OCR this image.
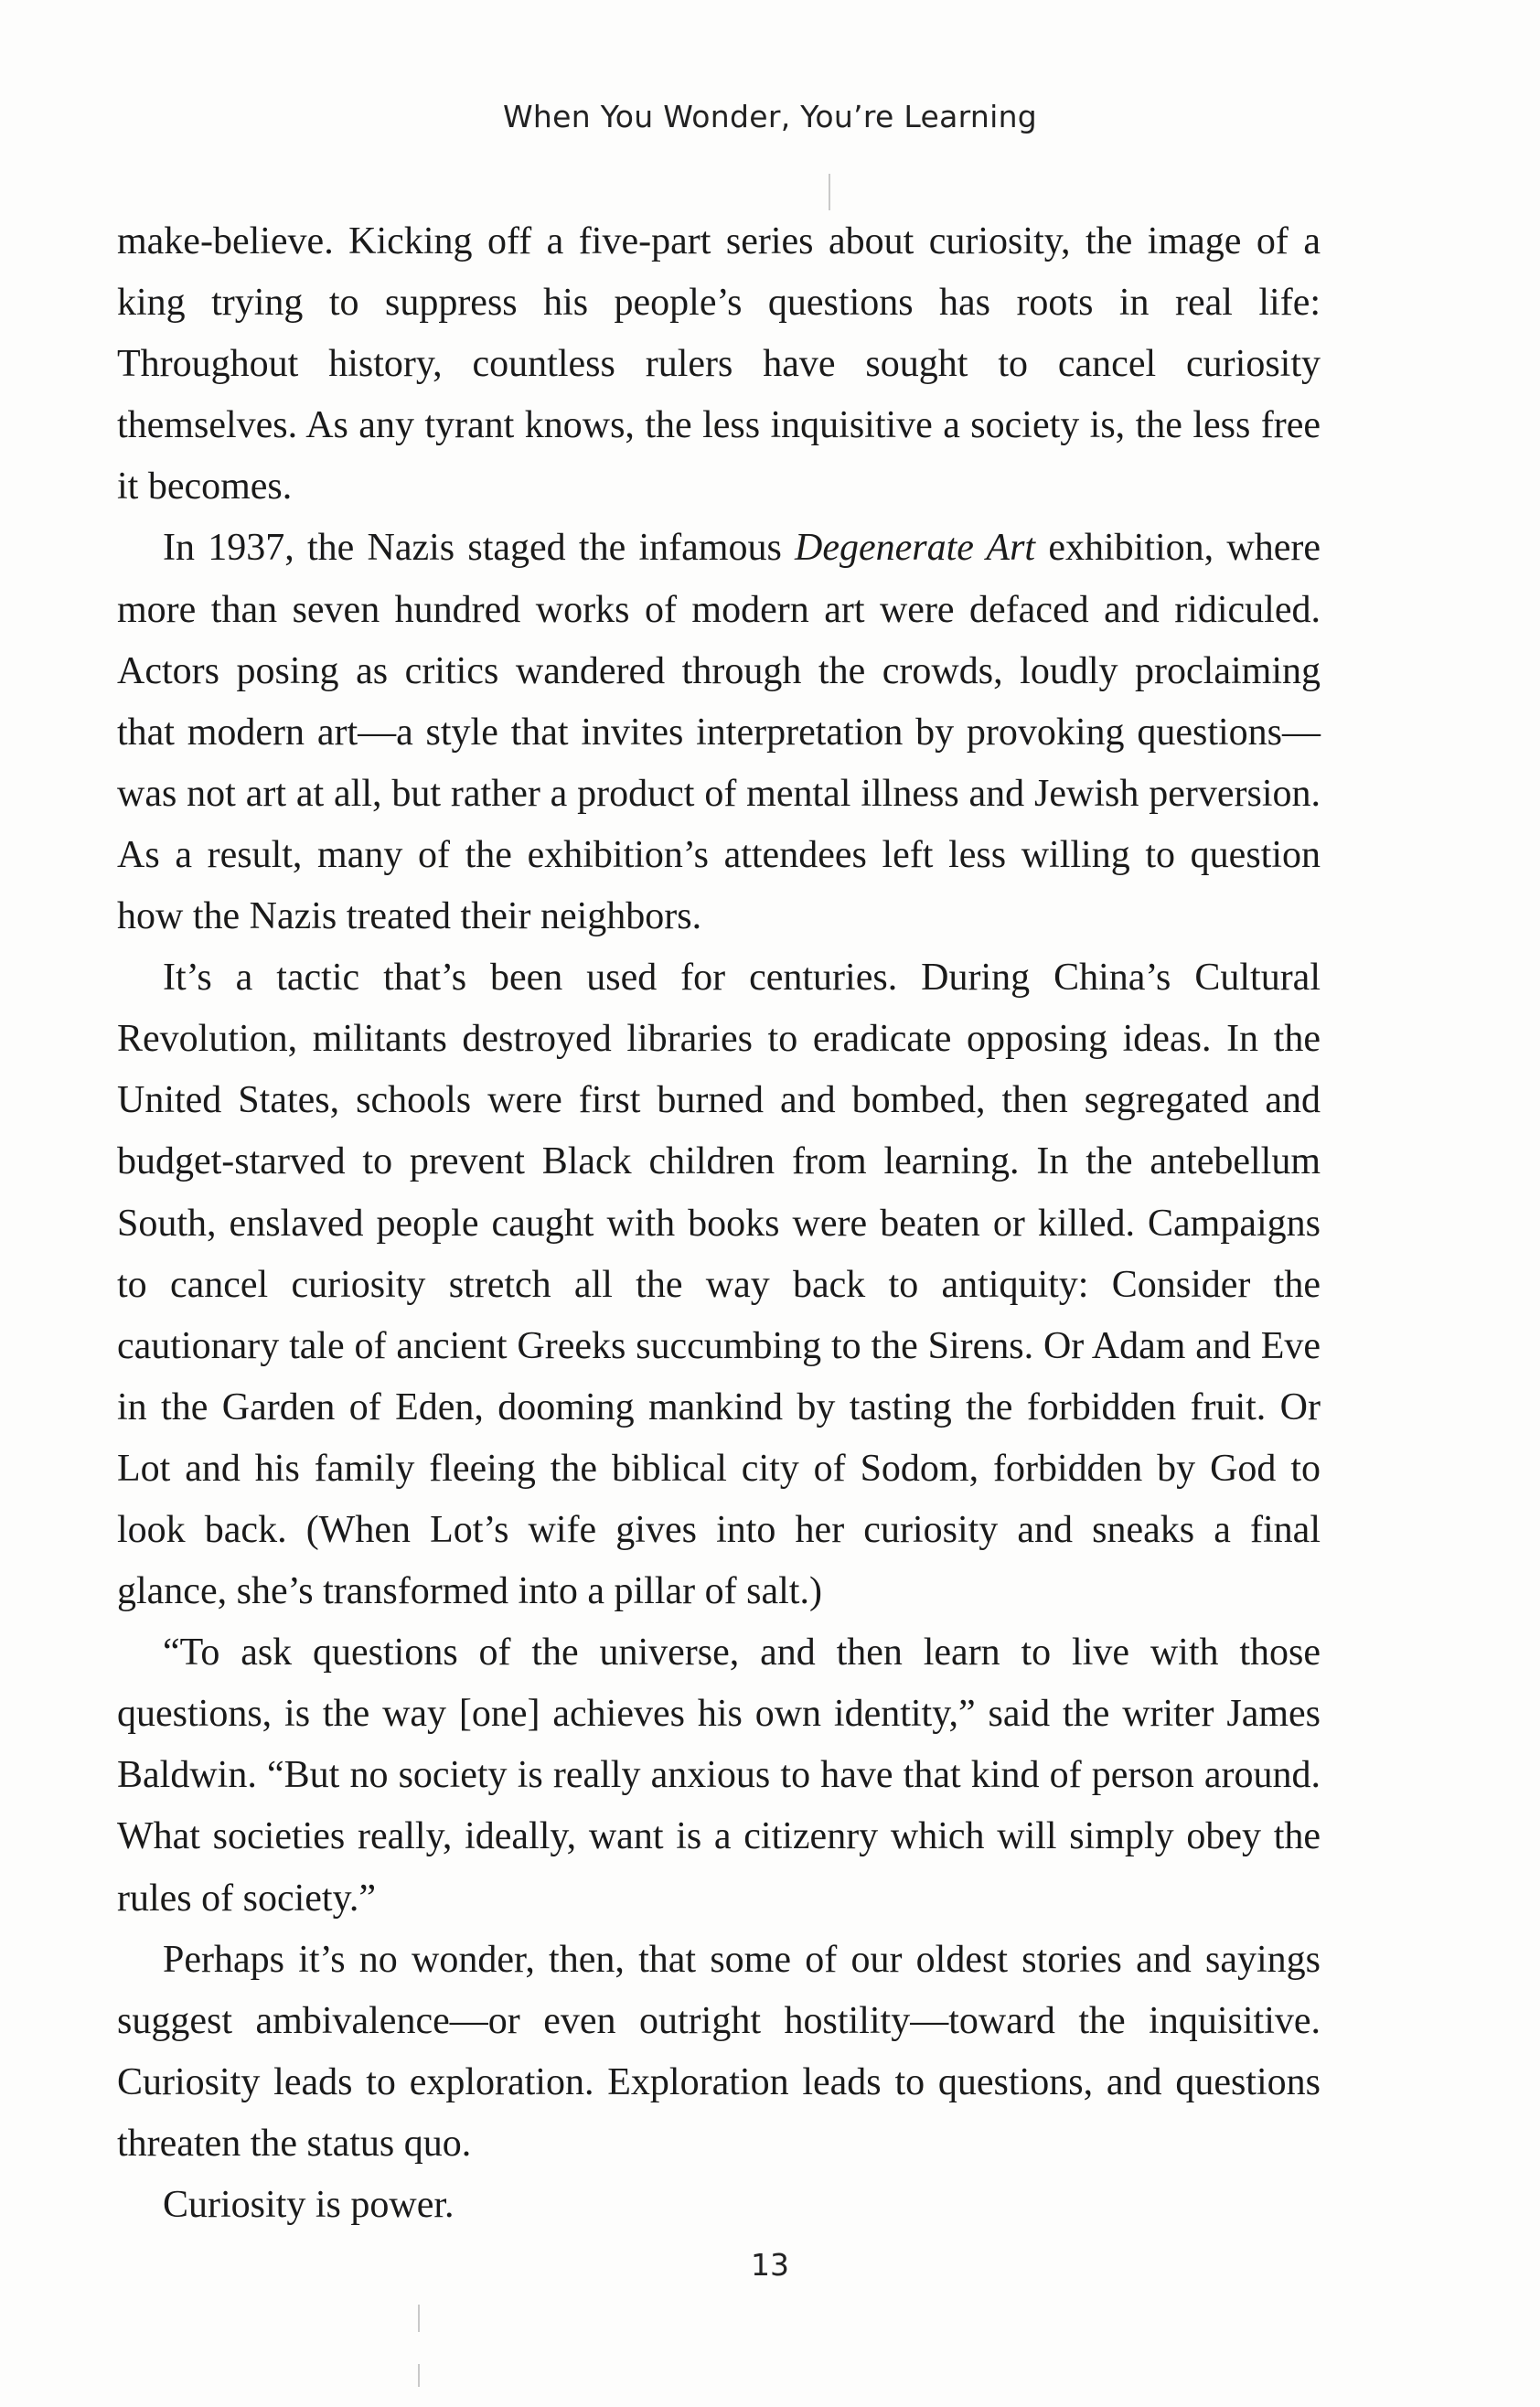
When You Wonder, You’re Learning

make-believe. Kicking off a five-part series about curiosity, the image of a king trying to suppress his people’s questions has roots in real life: Throughout history, countless rulers have sought to cancel curiosity themselves. As any tyrant knows, the less inquisitive a society is, the less free it becomes.

In 1937, the Nazis staged the infamous Degenerate Art exhibition, where more than seven hundred works of modern art were defaced and ridiculed. Actors posing as critics wandered through the crowds, loudly proclaiming that modern art—a style that invites interpretation by provoking questions—was not art at all, but rather a product of mental illness and Jewish perversion. As a result, many of the exhibition’s attendees left less willing to question how the Nazis treated their neighbors.

It’s a tactic that’s been used for centuries. During China’s Cultural Revolution, militants destroyed libraries to eradicate opposing ideas. In the United States, schools were first burned and bombed, then segregated and budget-starved to prevent Black children from learning. In the antebellum South, enslaved people caught with books were beaten or killed. Campaigns to cancel curiosity stretch all the way back to antiquity: Consider the cautionary tale of ancient Greeks succumbing to the Sirens. Or Adam and Eve in the Garden of Eden, dooming mankind by tasting the forbidden fruit. Or Lot and his family fleeing the biblical city of Sodom, forbidden by God to look back. (When Lot’s wife gives into her curiosity and sneaks a final glance, she’s transformed into a pillar of salt.)

“To ask questions of the universe, and then learn to live with those questions, is the way [one] achieves his own identity,” said the writer James Baldwin. “But no society is really anxious to have that kind of person around. What societies really, ideally, want is a citizenry which will simply obey the rules of society.”

Perhaps it’s no wonder, then, that some of our oldest stories and sayings suggest ambivalence—or even outright hostility—toward the inquisitive. Curiosity leads to exploration. Exploration leads to questions, and questions threaten the status quo.

Curiosity is power.

13
